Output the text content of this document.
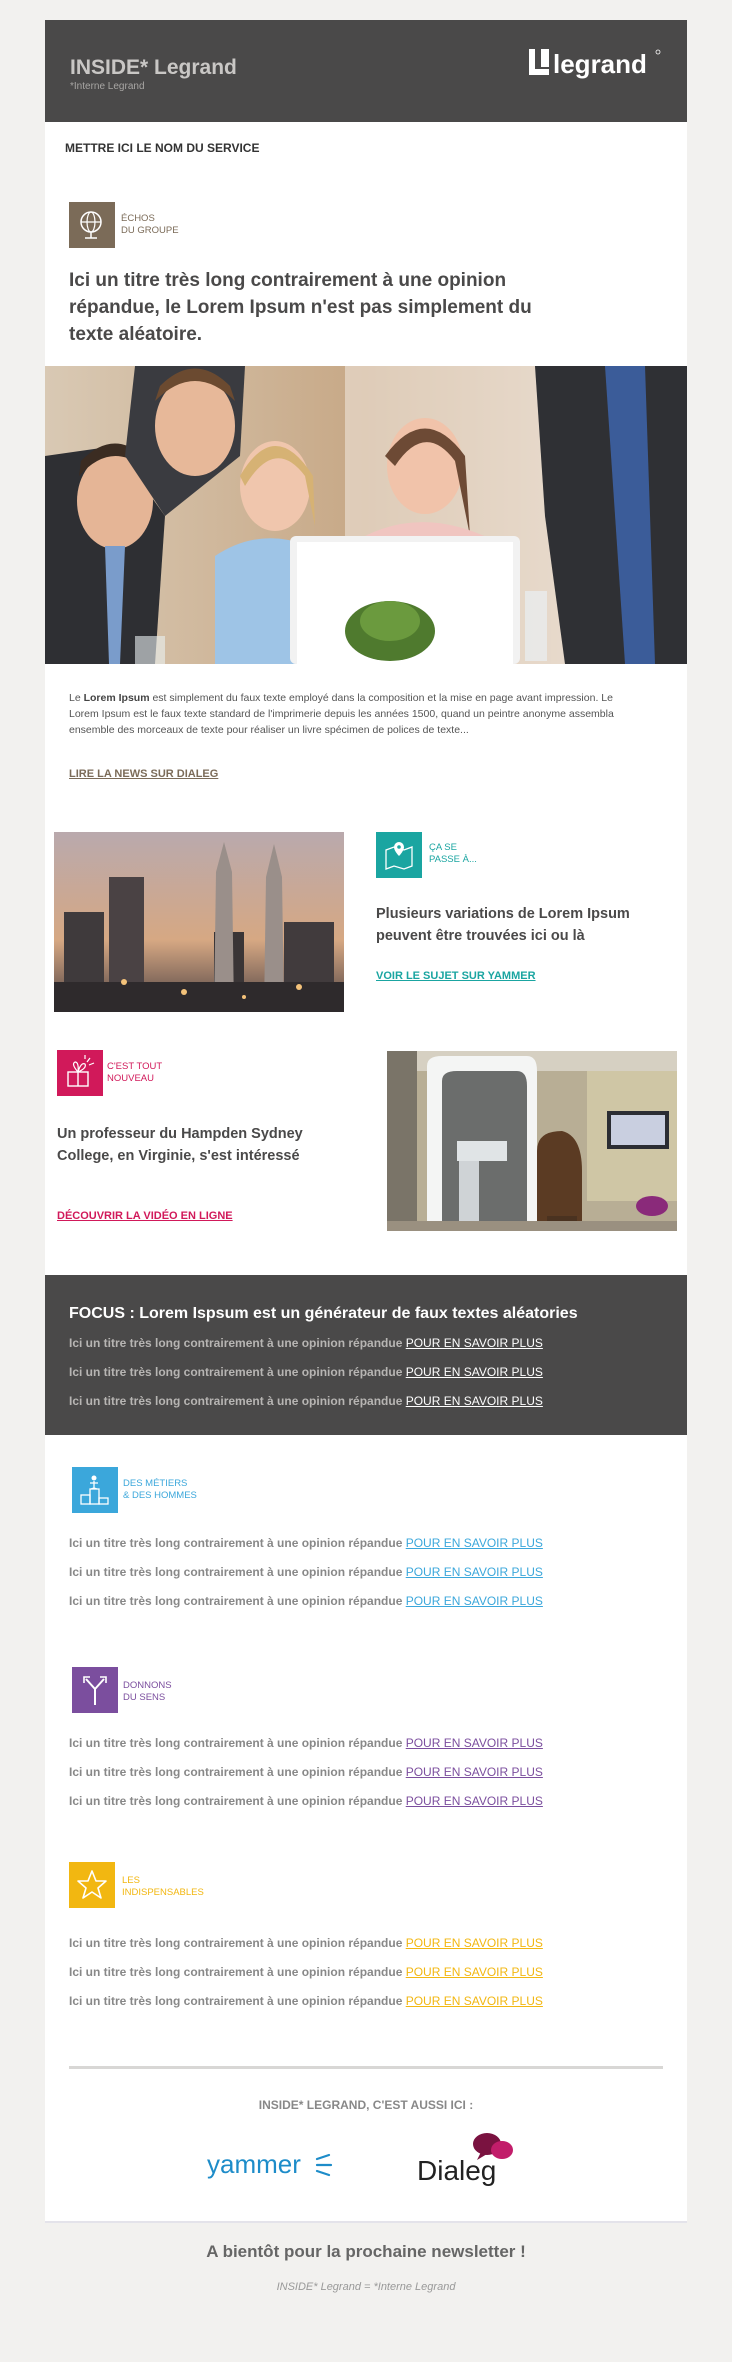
INSIDE* Legrand
*Interne Legrand
legrand
METTRE ICI LE NOM DU SERVICE
ÉCHOS
DU GROUPE
Ici un titre très long contrairement à une opinion répandue, le Lorem Ipsum n'est pas simplement du texte aléatoire.
Le Lorem Ipsum est simplement du faux texte employé dans la composition et la mise en page avant impression. Le Lorem Ipsum est le faux texte standard de l'imprimerie depuis les années 1500, quand un peintre anonyme assembla ensemble des morceaux de texte pour réaliser un livre spécimen de polices de texte...
LIRE LA NEWS SUR DIALEG
ÇA SE
PASSE À...
Plusieurs variations de Lorem Ipsum peuvent être trouvées ici ou là
VOIR LE SUJET SUR YAMMER
C'EST TOUT
NOUVEAU
Un professeur du Hampden Sydney College, en Virginie, s'est intéressé
DÉCOUVRIR LA VIDÉO EN LIGNE
FOCUS : Lorem Ispsum est un générateur de faux textes aléatories
Ici un titre très long contrairement à une opinion répandue POUR EN SAVOIR PLUS
Ici un titre très long contrairement à une opinion répandue POUR EN SAVOIR PLUS
Ici un titre très long contrairement à une opinion répandue POUR EN SAVOIR PLUS
DES MÉTIERS
& DES HOMMES
Ici un titre très long contrairement à une opinion répandue POUR EN SAVOIR PLUS
Ici un titre très long contrairement à une opinion répandue POUR EN SAVOIR PLUS
Ici un titre très long contrairement à une opinion répandue POUR EN SAVOIR PLUS
DONNONS
DU SENS
Ici un titre très long contrairement à une opinion répandue POUR EN SAVOIR PLUS
Ici un titre très long contrairement à une opinion répandue POUR EN SAVOIR PLUS
Ici un titre très long contrairement à une opinion répandue POUR EN SAVOIR PLUS
LES
INDISPENSABLES
Ici un titre très long contrairement à une opinion répandue POUR EN SAVOIR PLUS
Ici un titre très long contrairement à une opinion répandue POUR EN SAVOIR PLUS
Ici un titre très long contrairement à une opinion répandue POUR EN SAVOIR PLUS
INSIDE* LEGRAND, C'EST AUSSI ICI :
yammer	Dialeg
A bientôt pour la prochaine newsletter !
INSIDE* Legrand = *Interne Legrand
